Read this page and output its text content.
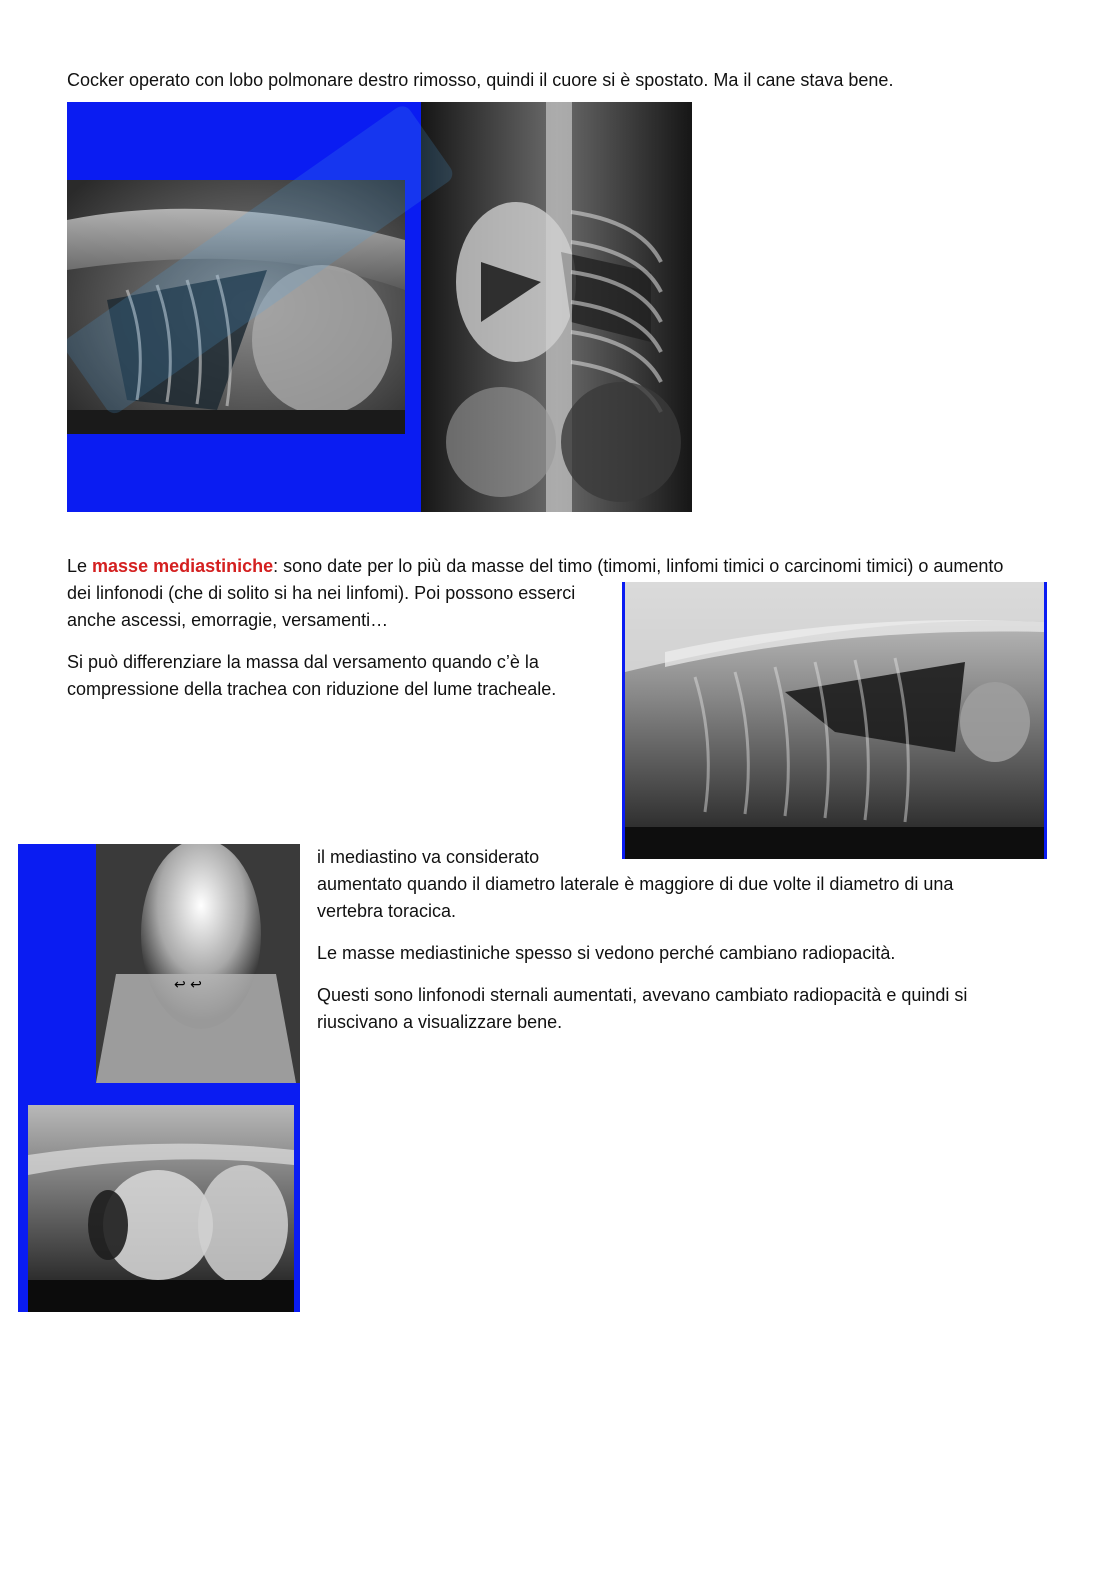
Cocker operato con lobo polmonare destro rimosso, quindi il cuore si è spostato. Ma il cane stava bene.

Le masse mediastiniche: sono date per lo più da masse del timo (timomi, linfomi timici o carcinomi timici) o aumento

dei linfonodi (che di solito si ha nei linfomi). Poi possono esserci

anche ascessi, emorragie, versamenti…

Si può differenziare la massa dal versamento quando c’è la

compressione della trachea con riduzione del lume tracheale.

↩ ↩

il mediastino va considerato

aumentato quando il diametro laterale è maggiore di due volte il diametro di una

vertebra toracica.

Le masse mediastiniche spesso si vedono perché cambiano radiopacità.

Questi sono linfonodi sternali aumentati, avevano cambiato radiopacità e quindi si

riuscivano a visualizzare bene.
